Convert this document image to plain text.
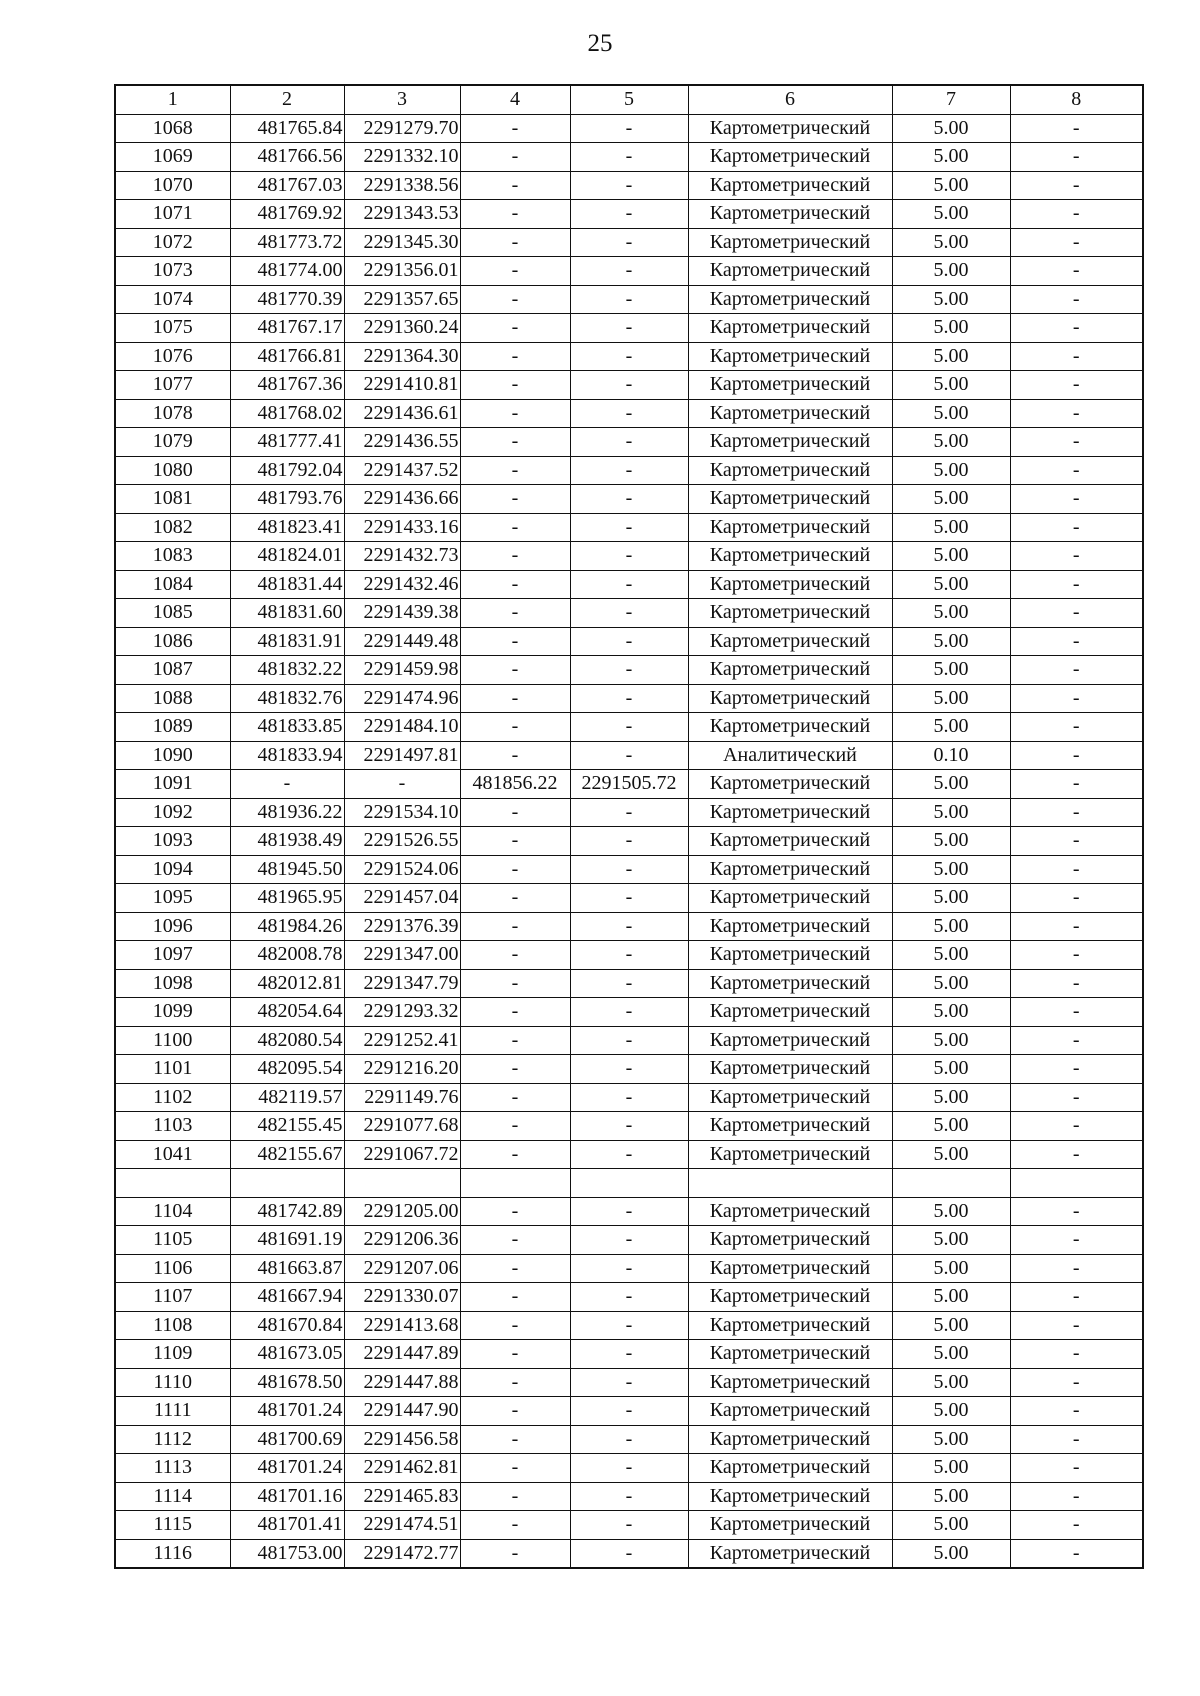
25
1	2	3	4	5	6	7	8
1068	481765.84	2291279.70	-	-	Картометрический	5.00	-
1069	481766.56	2291332.10	-	-	Картометрический	5.00	-
1070	481767.03	2291338.56	-	-	Картометрический	5.00	-
1071	481769.92	2291343.53	-	-	Картометрический	5.00	-
1072	481773.72	2291345.30	-	-	Картометрический	5.00	-
1073	481774.00	2291356.01	-	-	Картометрический	5.00	-
1074	481770.39	2291357.65	-	-	Картометрический	5.00	-
1075	481767.17	2291360.24	-	-	Картометрический	5.00	-
1076	481766.81	2291364.30	-	-	Картометрический	5.00	-
1077	481767.36	2291410.81	-	-	Картометрический	5.00	-
1078	481768.02	2291436.61	-	-	Картометрический	5.00	-
1079	481777.41	2291436.55	-	-	Картометрический	5.00	-
1080	481792.04	2291437.52	-	-	Картометрический	5.00	-
1081	481793.76	2291436.66	-	-	Картометрический	5.00	-
1082	481823.41	2291433.16	-	-	Картометрический	5.00	-
1083	481824.01	2291432.73	-	-	Картометрический	5.00	-
1084	481831.44	2291432.46	-	-	Картометрический	5.00	-
1085	481831.60	2291439.38	-	-	Картометрический	5.00	-
1086	481831.91	2291449.48	-	-	Картометрический	5.00	-
1087	481832.22	2291459.98	-	-	Картометрический	5.00	-
1088	481832.76	2291474.96	-	-	Картометрический	5.00	-
1089	481833.85	2291484.10	-	-	Картометрический	5.00	-
1090	481833.94	2291497.81	-	-	Аналитический	0.10	-
1091	-	-	481856.22	2291505.72	Картометрический	5.00	-
1092	481936.22	2291534.10	-	-	Картометрический	5.00	-
1093	481938.49	2291526.55	-	-	Картометрический	5.00	-
1094	481945.50	2291524.06	-	-	Картометрический	5.00	-
1095	481965.95	2291457.04	-	-	Картометрический	5.00	-
1096	481984.26	2291376.39	-	-	Картометрический	5.00	-
1097	482008.78	2291347.00	-	-	Картометрический	5.00	-
1098	482012.81	2291347.79	-	-	Картометрический	5.00	-
1099	482054.64	2291293.32	-	-	Картометрический	5.00	-
1100	482080.54	2291252.41	-	-	Картометрический	5.00	-
1101	482095.54	2291216.20	-	-	Картометрический	5.00	-
1102	482119.57	2291149.76	-	-	Картометрический	5.00	-
1103	482155.45	2291077.68	-	-	Картометрический	5.00	-
1041	482155.67	2291067.72	-	-	Картометрический	5.00	-

1104	481742.89	2291205.00	-	-	Картометрический	5.00	-
1105	481691.19	2291206.36	-	-	Картометрический	5.00	-
1106	481663.87	2291207.06	-	-	Картометрический	5.00	-
1107	481667.94	2291330.07	-	-	Картометрический	5.00	-
1108	481670.84	2291413.68	-	-	Картометрический	5.00	-
1109	481673.05	2291447.89	-	-	Картометрический	5.00	-
1110	481678.50	2291447.88	-	-	Картометрический	5.00	-
1111	481701.24	2291447.90	-	-	Картометрический	5.00	-
1112	481700.69	2291456.58	-	-	Картометрический	5.00	-
1113	481701.24	2291462.81	-	-	Картометрический	5.00	-
1114	481701.16	2291465.83	-	-	Картометрический	5.00	-
1115	481701.41	2291474.51	-	-	Картометрический	5.00	-
1116	481753.00	2291472.77	-	-	Картометрический	5.00	-
